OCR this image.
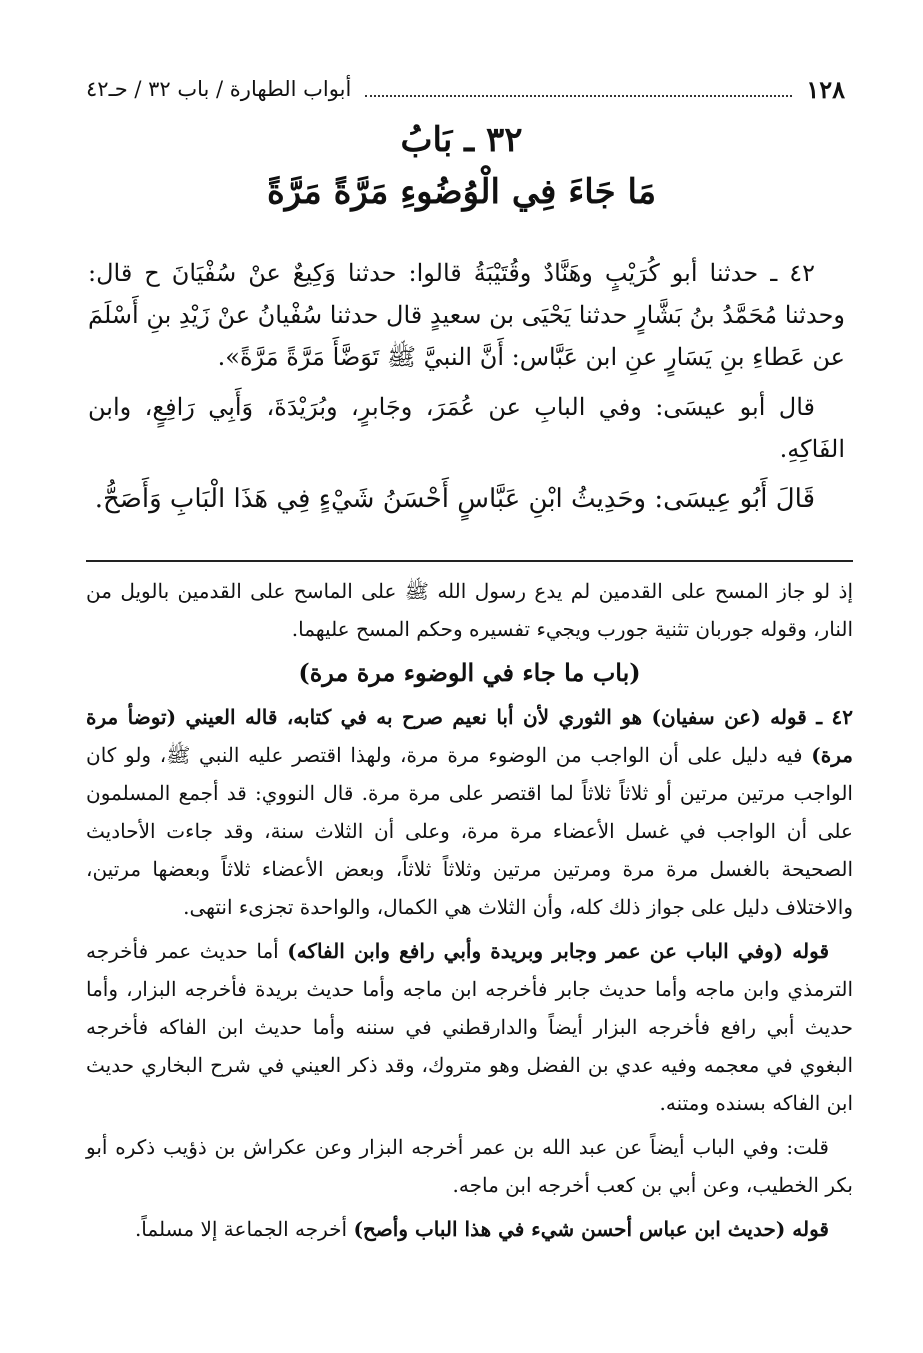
١٢٨
أبواب الطهارة / باب ٣٢ / حـ٤٢
٣٢ ـ بَابُ
مَا جَاءَ فِي الْوُضُوءِ مَرَّةً مَرَّةً

٤٢ ـ حدثنا أبو كُرَيْبٍ وهَنَّادٌ وقُتَيْبَةُ قالوا: حدثنا وَكِيعٌ عنْ سُفْيَانَ ح قال: وحدثنا مُحَمَّدُ بنُ بَشَّارٍ حدثنا يَحْيَى بن سعيدٍ قال حدثنا سُفْيانُ عنْ زَيْدِ بنِ أَسْلَمَ عن عَطاءِ بنِ يَسَارٍ عنِ ابن عَبَّاس: أَنَّ النبيَّ ﷺ تَوَضَّأَ مَرَّةً مَرَّةً».

قال أبو عيسَى: وفي البابِ عن عُمَرَ، وجَابرٍ، وبُرَيْدَةَ، وَأَبِي رَافِعٍ، وابن الفَاكِهِ.

قَالَ أَبُو عِيسَى: وحَدِيثُ ابْنِ عَبَّاسٍ أَحْسَنُ شَيْءٍ فِي هَذَا الْبَابِ وَأَصَحُّ.

إذ لو جاز المسح على القدمين لم يدع رسول الله ﷺ على الماسح على القدمين بالويل من النار، وقوله جوربان تثنية جورب ويجيء تفسيره وحكم المسح عليهما.

(باب ما جاء في الوضوء مرة مرة)

٤٢ ـ قوله (عن سفيان) هو الثوري لأن أبا نعيم صرح به في كتابه، قاله العيني (توضأ مرة مرة) فيه دليل على أن الواجب من الوضوء مرة مرة، ولهذا اقتصر عليه النبي ﷺ، ولو كان الواجب مرتين مرتين أو ثلاثاً ثلاثاً لما اقتصر على مرة مرة. قال النووي: قد أجمع المسلمون على أن الواجب في غسل الأعضاء مرة مرة، وعلى أن الثلاث سنة، وقد جاءت الأحاديث الصحيحة بالغسل مرة مرة ومرتين مرتين وثلاثاً ثلاثاً، وبعض الأعضاء ثلاثاً وبعضها مرتين، والاختلاف دليل على جواز ذلك كله، وأن الثلاث هي الكمال، والواحدة تجزىء انتهى.

قوله (وفي الباب عن عمر وجابر وبريدة وأبي رافع وابن الفاكه) أما حديث عمر فأخرجه الترمذي وابن ماجه وأما حديث جابر فأخرجه ابن ماجه وأما حديث بريدة فأخرجه البزار، وأما حديث أبي رافع فأخرجه البزار أيضاً والدارقطني في سننه وأما حديث ابن الفاكه فأخرجه البغوي في معجمه وفيه عدي بن الفضل وهو متروك، وقد ذكر العيني في شرح البخاري حديث ابن الفاكه بسنده ومتنه.

قلت: وفي الباب أيضاً عن عبد الله بن عمر أخرجه البزار وعن عكراش بن ذؤيب ذكره أبو بكر الخطيب، وعن أبي بن كعب أخرجه ابن ماجه.

قوله (حديث ابن عباس أحسن شيء في هذا الباب وأصح) أخرجه الجماعة إلا مسلماً.
